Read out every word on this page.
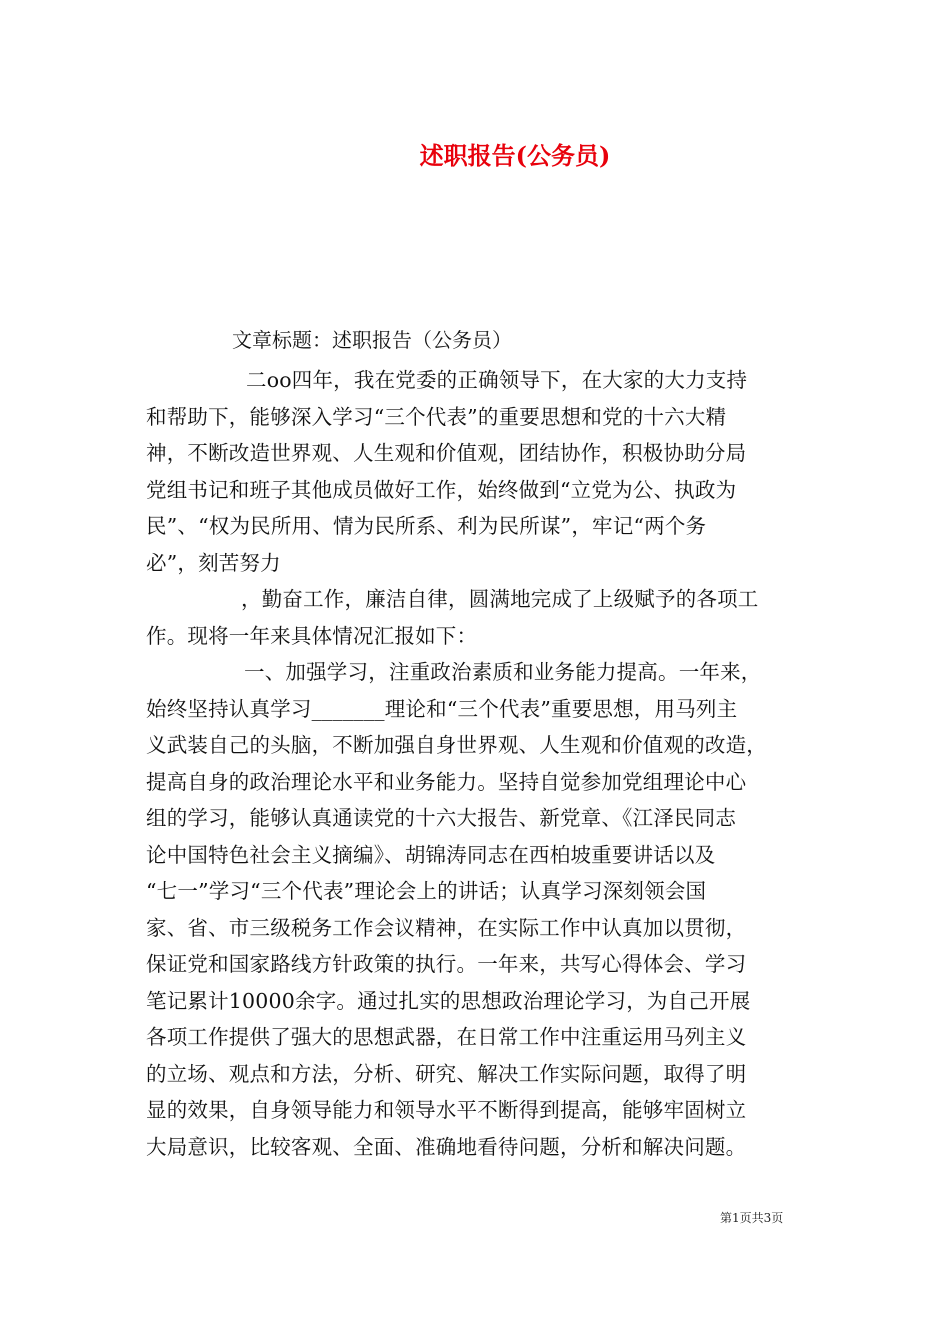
述职报告(公务员)
文章标题：述职报告（公务员）
二oo四年，我在党委的正确领导下，在大家的大力支持
和帮助下，能够深入学习“三个代表”的重要思想和党的十六大精
神，不断改造世界观、人生观和价值观，团结协作，积极协助分局
党组书记和班子其他成员做好工作，始终做到“立党为公、执政为
民”、“权为民所用、情为民所系、利为民所谋”，牢记“两个务
必”，刻苦努力
，勤奋工作，廉洁自律，圆满地完成了上级赋予的各项工
作。现将一年来具体情况汇报如下：
一、加强学习，注重政治素质和业务能力提高。一年来，
始终坚持认真学习_______理论和“三个代表”重要思想，用马列主
义武装自己的头脑，不断加强自身世界观、人生观和价值观的改造，
提高自身的政治理论水平和业务能力。坚持自觉参加党组理论中心
组的学习，能够认真通读党的十六大报告、新党章、《江泽民同志
论中国特色社会主义摘编》、胡锦涛同志在西柏坡重要讲话以及
“七一”学习“三个代表”理论会上的讲话；认真学习深刻领会国
家、省、市三级税务工作会议精神，在实际工作中认真加以贯彻，
保证党和国家路线方针政策的执行。一年来，共写心得体会、学习
笔记累计10000余字。通过扎实的思想政治理论学习，为自己开展
各项工作提供了强大的思想武器，在日常工作中注重运用马列主义
的立场、观点和方法，分析、研究、解决工作实际问题，取得了明
显的效果，自身领导能力和领导水平不断得到提高，能够牢固树立
大局意识，比较客观、全面、准确地看待问题，分析和解决问题。
第1页共3页
